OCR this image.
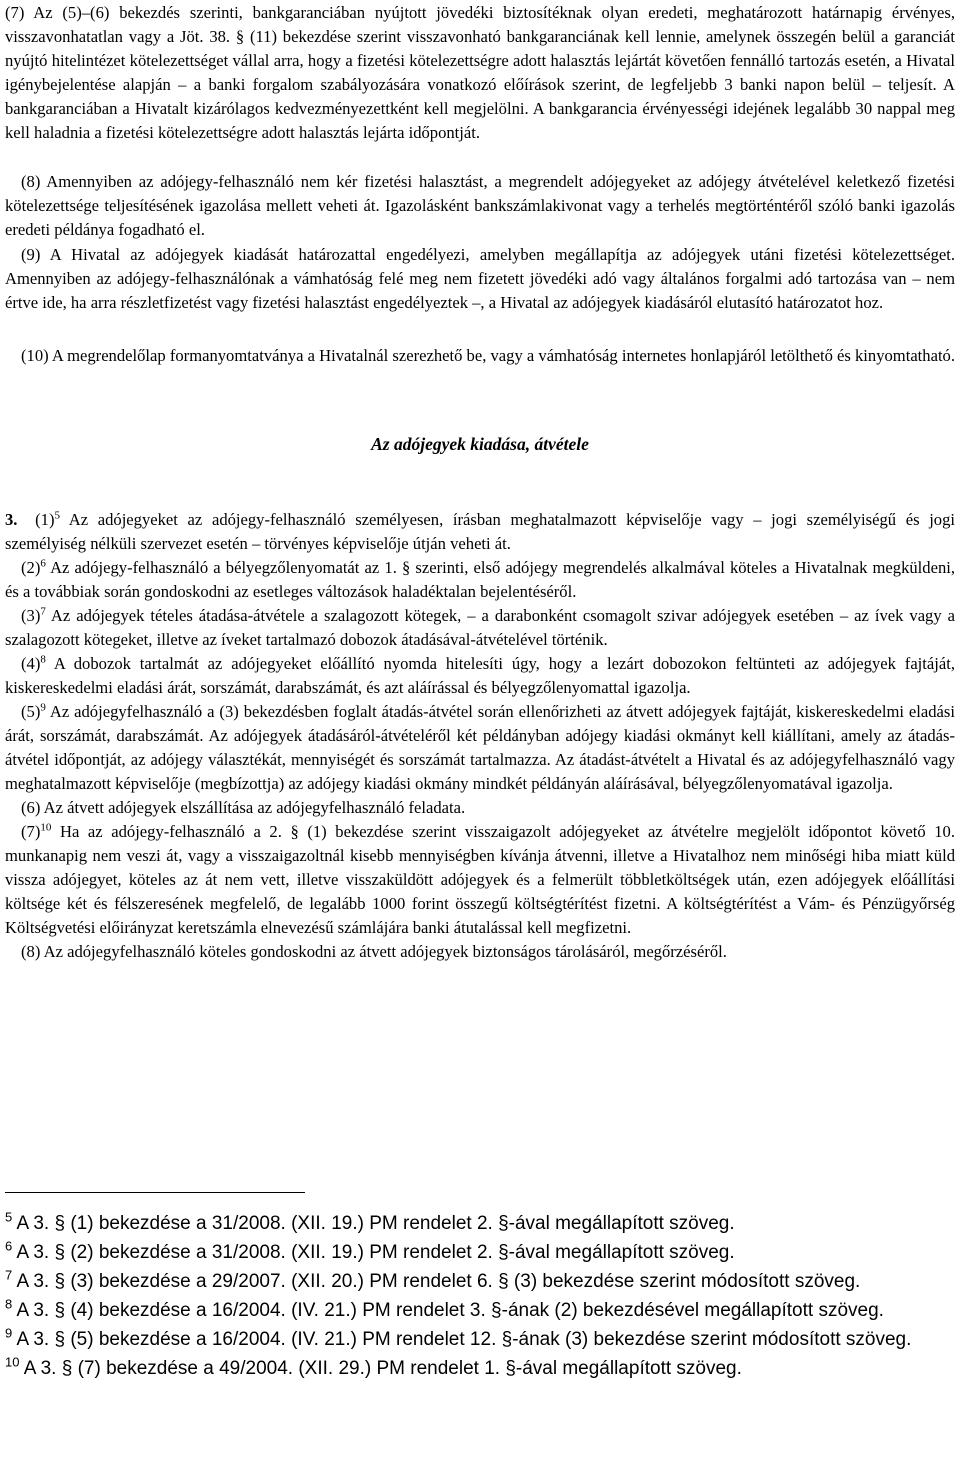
(7) Az (5)–(6) bekezdés szerinti, bankgaranciában nyújtott jövedéki biztosítéknak olyan eredeti, meghatározott határnapig érvényes, visszavonhatatlan vagy a Jöt. 38. § (11) bekezdése szerint visszavonható bankgaranciának kell lennie, amelynek összegén belül a garanciát nyújtó hitelintézet kötelezettséget vállal arra, hogy a fizetési kötelezettségre adott halasztás lejártát követően fennálló tartozás esetén, a Hivatal igénybejelentése alapján – a banki forgalom szabályozására vonatkozó előírások szerint, de legfeljebb 3 banki napon belül – teljesít. A bankgaranciában a Hivatalt kizárólagos kedvezményezettként kell megjelölni. A bankgarancia érvényességi idejének legalább 30 nappal meg kell haladnia a fizetési kötelezettségre adott halasztás lejárta időpontját.

(8) Amennyiben az adójegy-felhasználó nem kér fizetési halasztást, a megrendelt adójegyeket az adójegy átvételével keletkező fizetési kötelezettsége teljesítésének igazolása mellett veheti át. Igazolásként bankszámlakivonat vagy a terhelés megtörténtéről szóló banki igazolás eredeti példánya fogadható el.

(9) A Hivatal az adójegyek kiadását határozattal engedélyezi, amelyben megállapítja az adójegyek utáni fizetési kötelezettséget. Amennyiben az adójegy-felhasználónak a vámhatóság felé meg nem fizetett jövedéki adó vagy általános forgalmi adó tartozása van – nem értve ide, ha arra részletfizetést vagy fizetési halasztást engedélyeztek –, a Hivatal az adójegyek kiadásáról elutasító határozatot hoz.

(10) A megrendelőlap formanyomtatványa a Hivatalnál szerezhető be, vagy a vámhatóság internetes honlapjáról letölthető és kinyomtatható.

Az adójegyek kiadása, átvétele

3. $(1)^5$ Az adójegyeket az adójegy-felhasználó személyesen, írásban meghatalmazott képviselője vagy – jogi személyiségű és jogi személyiség nélküli szervezet esetén – törvényes képviselője útján veheti át.

$(2)^6$ Az adójegy-felhasználó a bélyegzőlenyomatát az 1. § szerinti, első adójegy megrendelés alkalmával köteles a Hivatalnak megküldeni, és a továbbiak során gondoskodni az esetleges változások haladéktalan bejelentéséről.

$(3)^7$ Az adójegyek tételes átadása-átvétele a szalagozott kötegek, – a darabonként csomagolt szivar adójegyek esetében – az ívek vagy a szalagozott kötegeket, illetve az íveket tartalmazó dobozok átadásával-átvételével történik.

$(4)^8$ A dobozok tartalmát az adójegyeket előállító nyomda hitelesíti úgy, hogy a lezárt dobozokon feltünteti az adójegyek fajtáját, kiskereskedelmi eladási árát, sorszámát, darabszámát, és azt aláírással és bélyegzőlenyomattal igazolja.

$(5)^9$ Az adójegyfelhasználó a (3) bekezdésben foglalt átadás-átvétel során ellenőrizheti az átvett adójegyek fajtáját, kiskereskedelmi eladási árát, sorszámát, darabszámát. Az adójegyek átadásáról-átvételéről két példányban adójegy kiadási okmányt kell kiállítani, amely az átadás-átvétel időpontját, az adójegy választékát, mennyiségét és sorszámát tartalmazza. Az átadást-átvételt a Hivatal és az adójegyfelhasználó vagy meghatalmazott képviselője (megbízottja) az adójegy kiadási okmány mindkét példányán aláírásával, bélyegzőlenyomatával igazolja.

(6) Az átvett adójegyek elszállítása az adójegyfelhasználó feladata.

$(7)^{10}$ Ha az adójegy-felhasználó a 2. § (1) bekezdése szerint visszaigazolt adójegyeket az átvételre megjelölt időpontot követő 10. munkanapig nem veszi át, vagy a visszaigazoltnál kisebb mennyiségben kívánja átvenni, illetve a Hivatalhoz nem minőségi hiba miatt küld vissza adójegyet, köteles az át nem vett, illetve visszaküldött adójegyek és a felmerült többletköltségek után, ezen adójegyek előállítási költsége két és félszeresének megfelelő, de legalább 1000 forint összegű költségtérítést fizetni. A költségtérítést a Vám- és Pénzügyőrség Költségvetési előirányzat keretszámla elnevezésű számlájára banki átutalással kell megfizetni.

(8) Az adójegyfelhasználó köteles gondoskodni az átvett adójegyek biztonságos tárolásáról, megőrzéséről.

$^5$ A 3. § (1) bekezdése a 31/2008. (XII. 19.) PM rendelet 2. §-ával megállapított szöveg.

$^6$ A 3. § (2) bekezdése a 31/2008. (XII. 19.) PM rendelet 2. §-ával megállapított szöveg.

$^7$ A 3. § (3) bekezdése a 29/2007. (XII. 20.) PM rendelet 6. § (3) bekezdése szerint módosított szöveg.

$^8$ A 3. § (4) bekezdése a 16/2004. (IV. 21.) PM rendelet 3. §-ának (2) bekezdésével megállapított szöveg.

$^9$ A 3. § (5) bekezdése a 16/2004. (IV. 21.) PM rendelet 12. §-ának (3) bekezdése szerint módosított szöveg.

$^{10}$ A 3. § (7) bekezdése a 49/2004. (XII. 29.) PM rendelet 1. §-ával megállapított szöveg.
